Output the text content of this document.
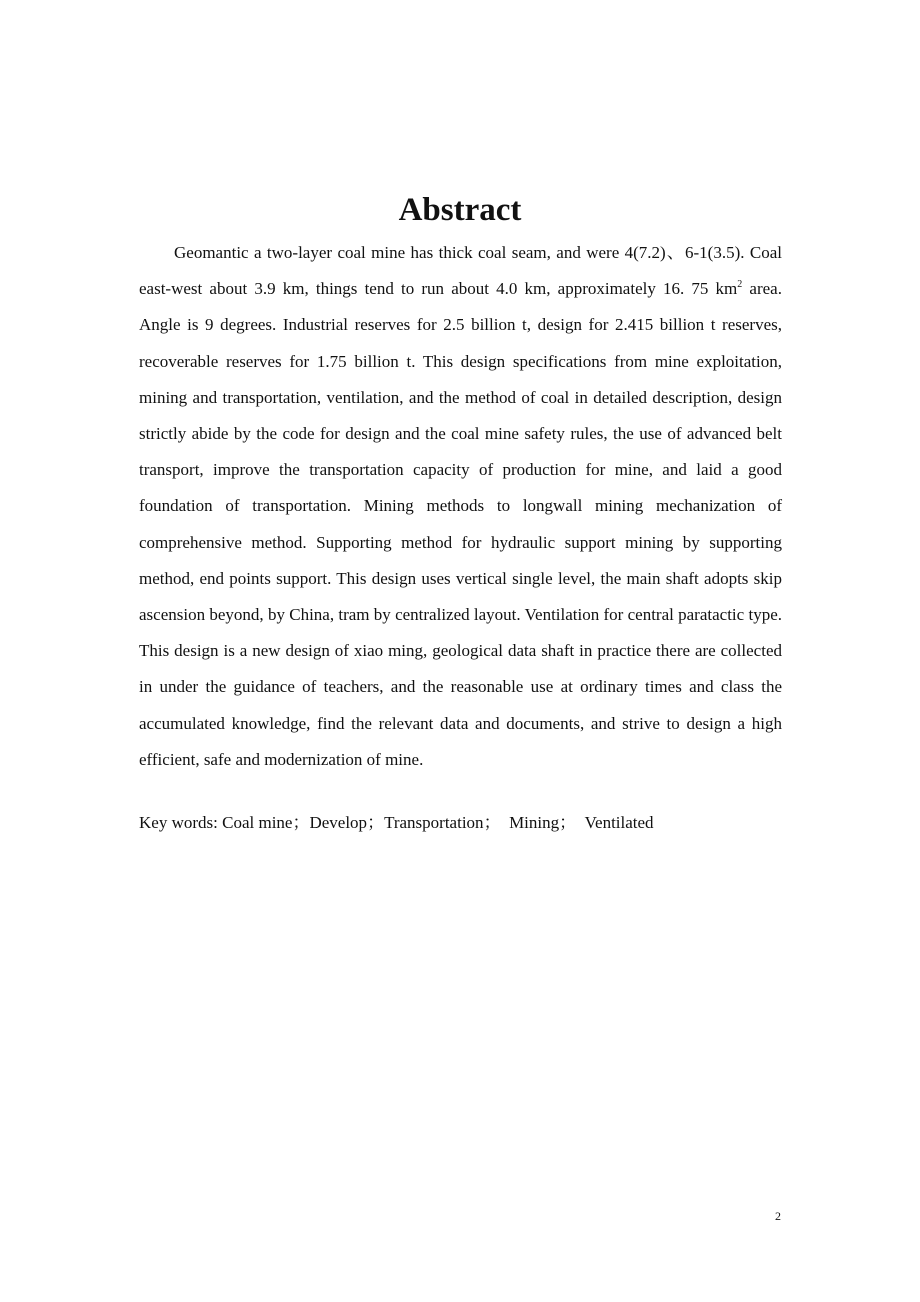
Abstract

Geomantic a two-layer coal mine has thick coal seam, and were 4(7.2)、6-1(3.5). Coal east-west about 3.9 km, things tend to run about 4.0 km, approximately 16. 75 $km^2$ area. Angle is 9 degrees. Industrial reserves for 2.5 billion t, design for 2.415 billion t reserves, recoverable reserves for 1.75 billion t. This design specifications from mine exploitation, mining and transportation, ventilation, and the method of coal in detailed description, design strictly abide by the code for design and the coal mine safety rules, the use of advanced belt transport, improve the transportation capacity of production for mine, and laid a good foundation of transportation. Mining methods to longwall mining mechanization of comprehensive method. Supporting method for hydraulic support mining by supporting method, end points support. This design uses vertical single level, the main shaft adopts skip ascension beyond, by China, tram by centralized layout. Ventilation for central paratactic type. This design is a new design of xiao ming, geological data shaft in practice there are collected in under the guidance of teachers, and the reasonable use at ordinary times and class the accumulated knowledge, find the relevant data and documents, and strive to design a high efficient, safe and modernization of mine.

Key words: Coal mine；Develop；Transportation；  Mining；  Ventilated

2
